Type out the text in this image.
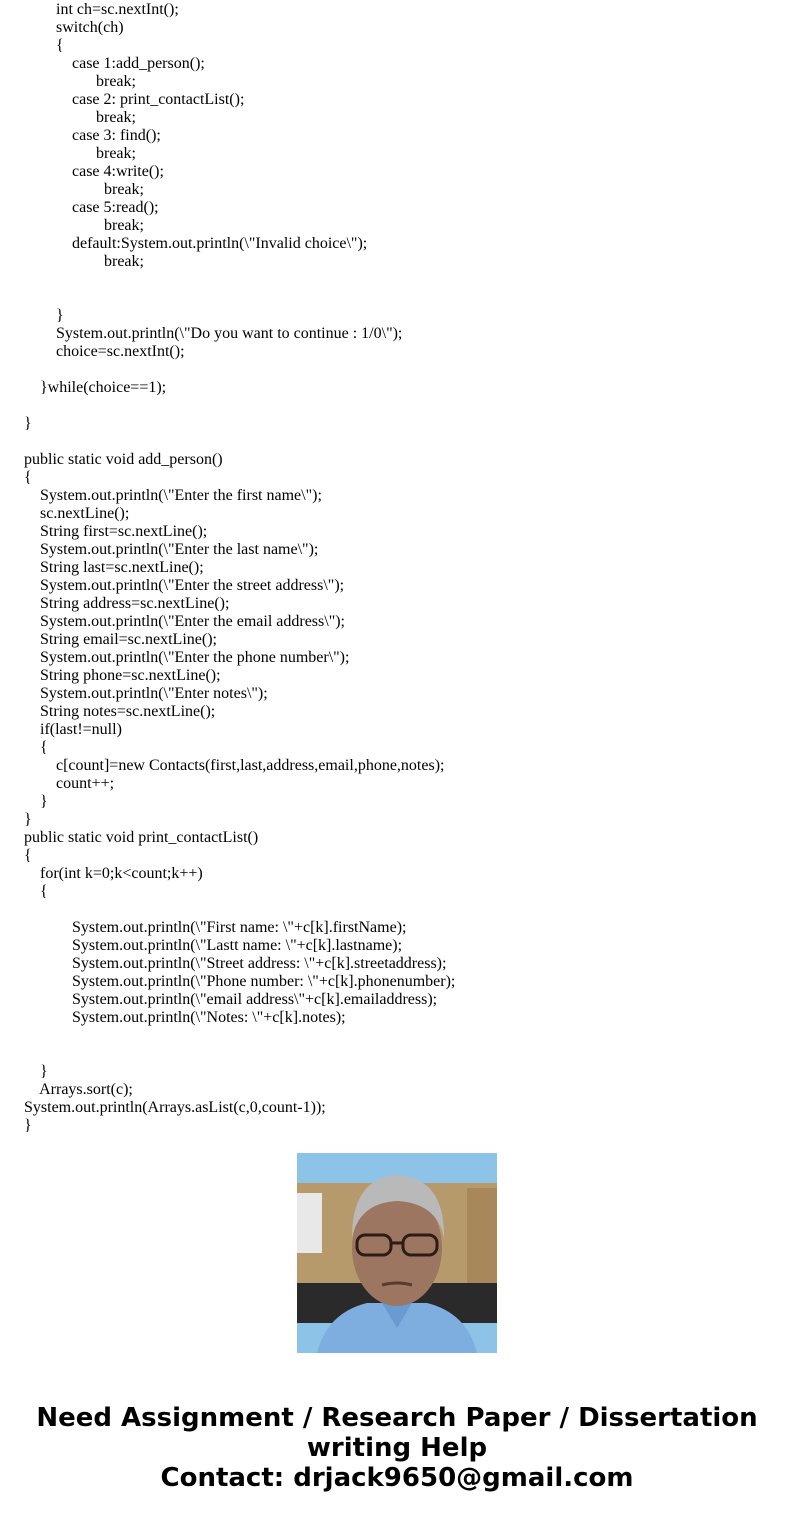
int ch=sc.nextInt();
switch(ch)
{
case 1:add_person();
break;
case 2: print_contactList();
break;
case 3: find();
break;
case 4:write();
break;
case 5:read();
break;
default:System.out.println(\"Invalid choice\");
break;
}
System.out.println(\"Do you want to continue : 1/0\");
choice=sc.nextInt();
}while(choice==1);
}
public static void add_person()
{
System.out.println(\"Enter the first name\");
sc.nextLine();
String first=sc.nextLine();
System.out.println(\"Enter the last name\");
String last=sc.nextLine();
System.out.println(\"Enter the street address\");
String address=sc.nextLine();
System.out.println(\"Enter the email address\");
String email=sc.nextLine();
System.out.println(\"Enter the phone number\");
String phone=sc.nextLine();
System.out.println(\"Enter notes\");
String notes=sc.nextLine();
if(last!=null)
{
c[count]=new Contacts(first,last,address,email,phone,notes);
count++;
}
}
public static void print_contactList()
{
for(int k=0;k<count;k++)
{
System.out.println(\"First name: \"+c[k].firstName);
System.out.println(\"Lastt name: \"+c[k].lastname);
System.out.println(\"Street address: \"+c[k].streetaddress);
System.out.println(\"Phone number: \"+c[k].phonenumber);
System.out.println(\"email address\"+c[k].emailaddress);
System.out.println(\"Notes: \"+c[k].notes);
}
Arrays.sort(c);
System.out.println(Arrays.asList(c,0,count-1));
}
Need Assignment / Research Paper / Dissertation
writing Help
Contact: drjack9650@gmail.com
